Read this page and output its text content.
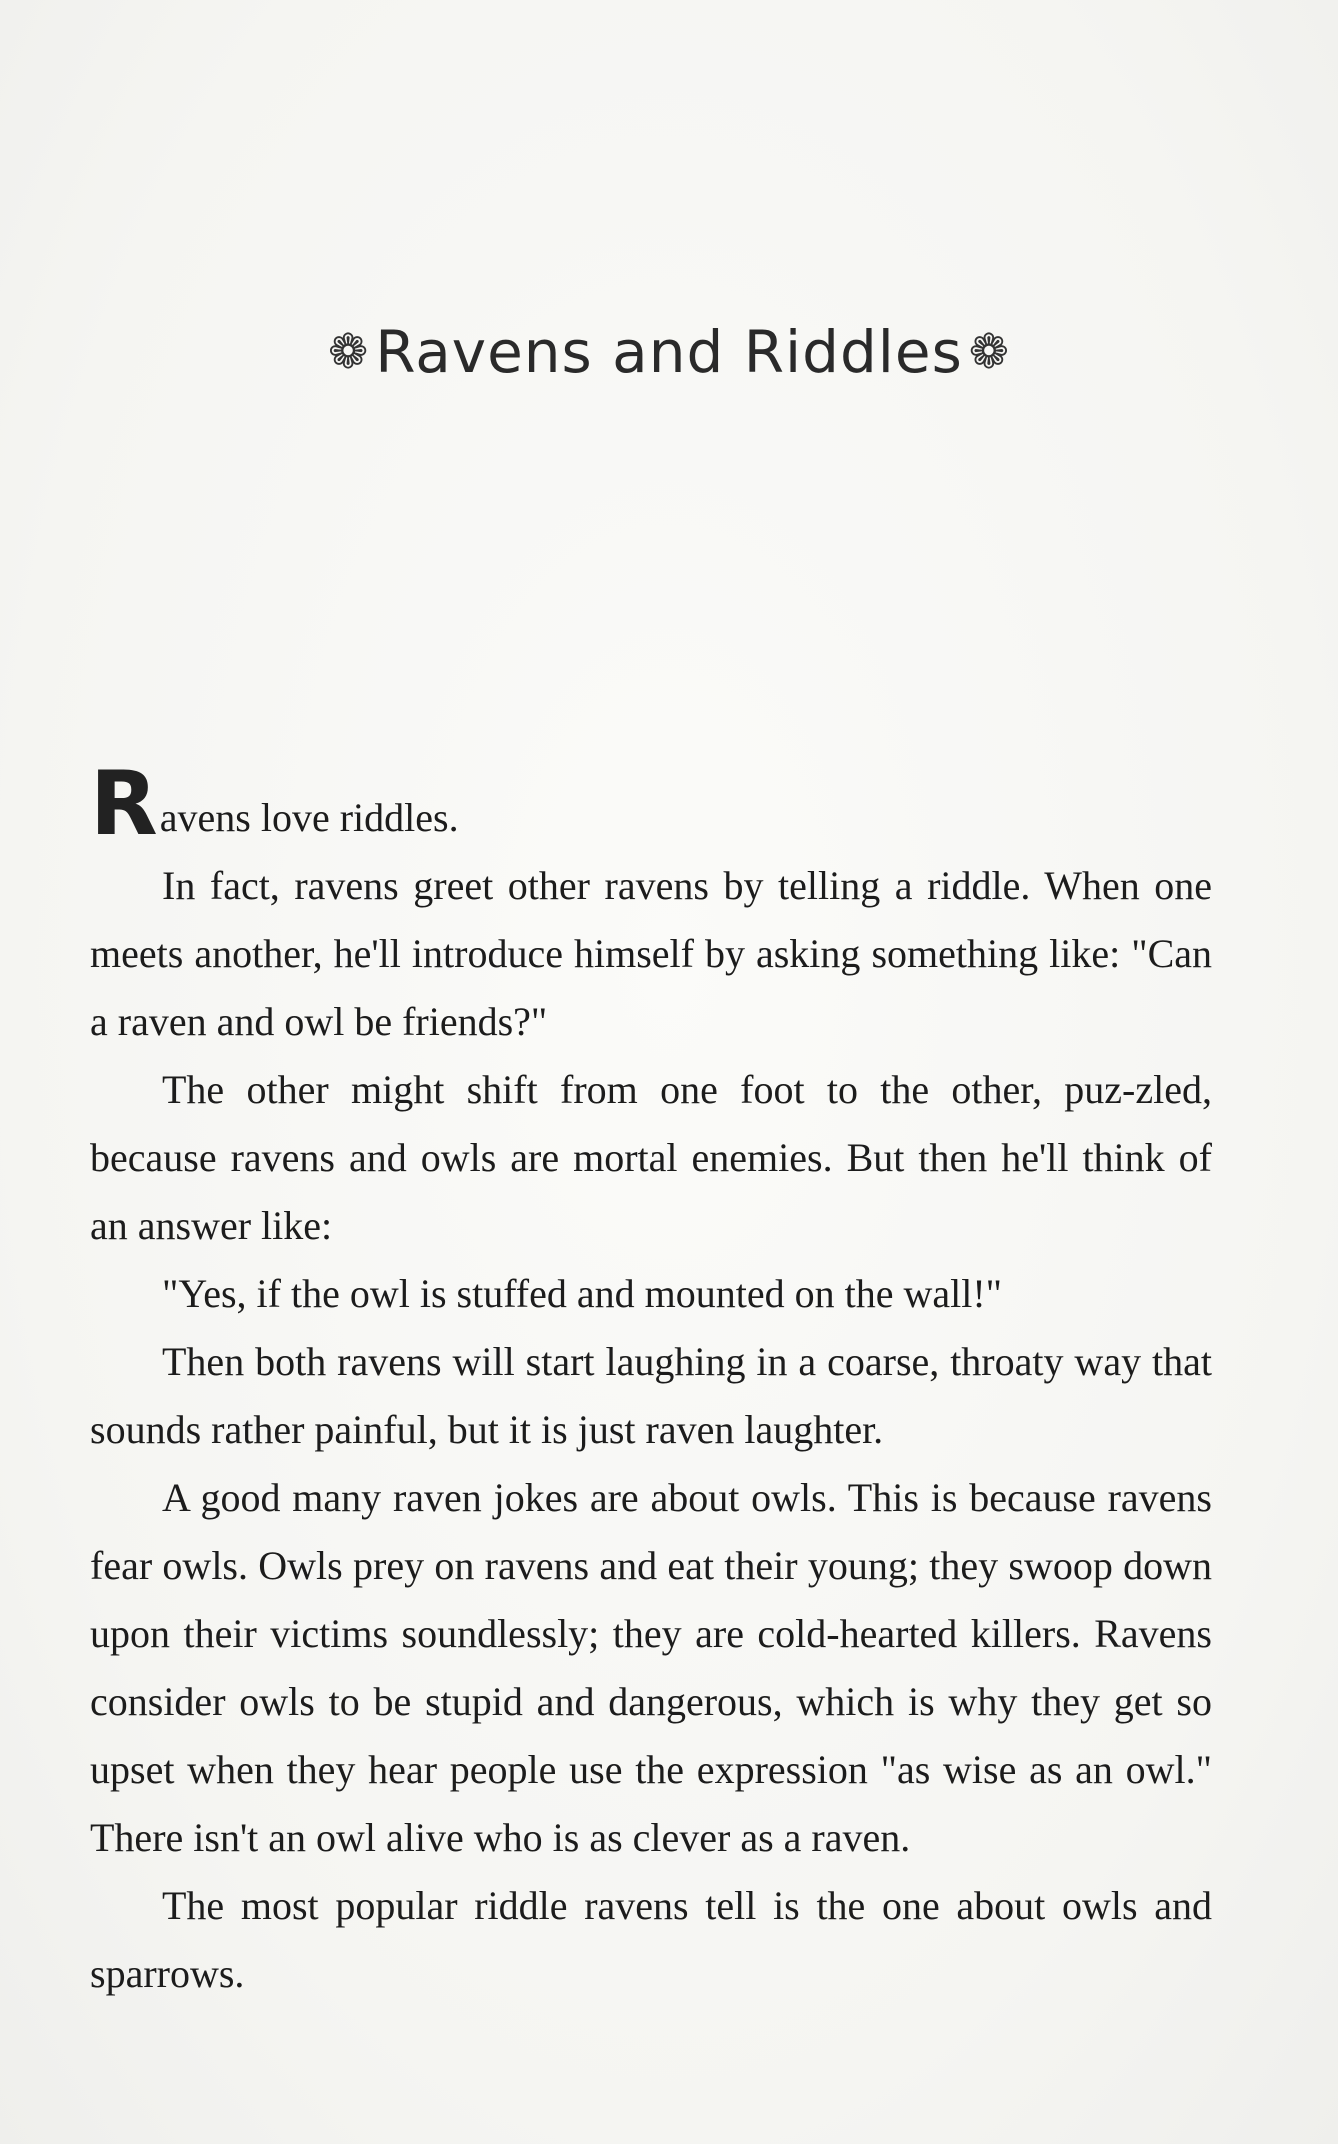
❁ Ravens and Riddles ❁

Ravens love riddles.

In fact, ravens greet other ravens by telling a riddle. When one meets another, he'll introduce himself by asking something like: "Can a raven and owl be friends?"

The other might shift from one foot to the other, puz-zled, because ravens and owls are mortal enemies. But then he'll think of an answer like:

"Yes, if the owl is stuffed and mounted on the wall!"

Then both ravens will start laughing in a coarse, throaty way that sounds rather painful, but it is just raven laughter.

A good many raven jokes are about owls. This is because ravens fear owls. Owls prey on ravens and eat their young; they swoop down upon their victims soundlessly; they are cold-hearted killers. Ravens consider owls to be stupid and dangerous, which is why they get so upset when they hear people use the expression "as wise as an owl." There isn't an owl alive who is as clever as a raven.

The most popular riddle ravens tell is the one about owls and sparrows.
